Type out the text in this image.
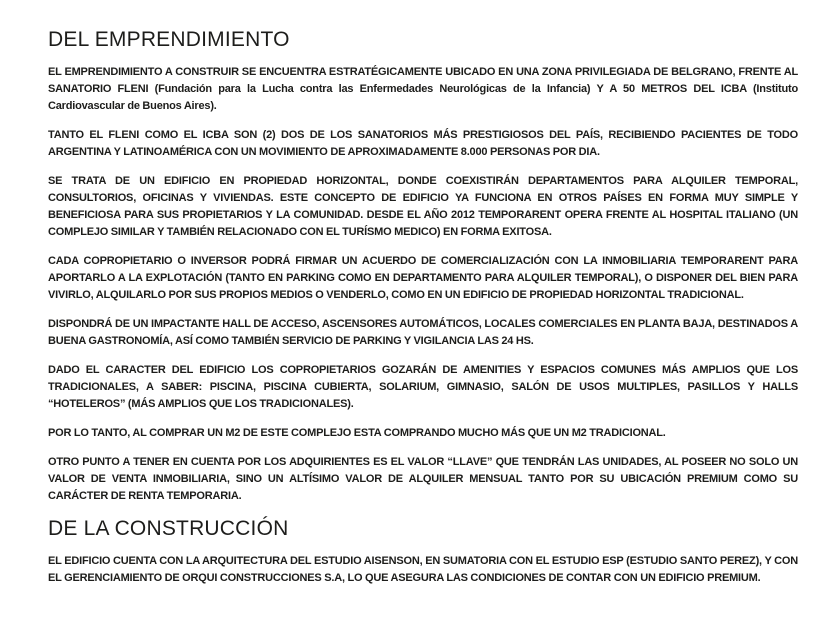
DEL EMPRENDIMIENTO

EL EMPRENDIMIENTO A CONSTRUIR SE ENCUENTRA ESTRATÉGICAMENTE UBICADO EN UNA ZONA PRIVILEGIADA DE BELGRANO, FRENTE AL SANATORIO FLENI (Fundación para la Lucha contra las Enfermedades Neurológicas de la Infancia) Y A 50 METROS DEL ICBA (Instituto Cardiovascular de Buenos Aires).

TANTO EL FLENI COMO EL ICBA SON (2) DOS DE LOS SANATORIOS MÁS PRESTIGIOSOS DEL PAÍS, RECIBIENDO PACIENTES DE TODO ARGENTINA Y LATINOAMÉRICA CON UN MOVIMIENTO DE APROXIMADAMENTE 8.000 PERSONAS POR DIA.

SE TRATA DE UN EDIFICIO EN PROPIEDAD HORIZONTAL, DONDE COEXISTIRÁN DEPARTAMENTOS PARA ALQUILER TEMPORAL, CONSULTORIOS, OFICINAS Y VIVIENDAS. ESTE CONCEPTO DE EDIFICIO YA FUNCIONA EN OTROS PAÍSES EN FORMA MUY SIMPLE Y BENEFICIOSA PARA SUS PROPIETARIOS Y LA COMUNIDAD. DESDE EL AÑO 2012 TEMPORARENT OPERA FRENTE AL HOSPITAL ITALIANO (UN COMPLEJO SIMILAR Y TAMBIÉN RELACIONADO CON EL TURÍSMO MEDICO) EN FORMA EXITOSA.

CADA COPROPIETARIO O INVERSOR PODRÁ FIRMAR UN ACUERDO DE COMERCIALIZACIÓN CON LA INMOBILIARIA TEMPORARENT PARA APORTARLO A LA EXPLOTACIÓN (TANTO EN PARKING COMO EN DEPARTAMENTO PARA ALQUILER TEMPORAL), O DISPONER DEL BIEN PARA VIVIRLO, ALQUILARLO POR SUS PROPIOS MEDIOS O VENDERLO, COMO EN UN EDIFICIO DE PROPIEDAD HORIZONTAL TRADICIONAL.

DISPONDRÁ DE UN IMPACTANTE HALL DE ACCESO, ASCENSORES AUTOMÁTICOS, LOCALES COMERCIALES EN PLANTA BAJA, DESTINADOS A BUENA GASTRONOMÍA, ASÍ COMO TAMBIÉN SERVICIO DE PARKING Y VIGILANCIA LAS 24 HS.

DADO EL CARACTER DEL EDIFICIO LOS COPROPIETARIOS GOZARÁN DE AMENITIES Y ESPACIOS COMUNES MÁS AMPLIOS QUE LOS TRADICIONALES, A SABER: PISCINA, PISCINA CUBIERTA, SOLARIUM, GIMNASIO, SALÓN DE USOS MULTIPLES, PASILLOS Y HALLS “HOTELEROS” (MÁS AMPLIOS QUE LOS TRADICIONALES).

POR LO TANTO, AL COMPRAR UN M2 DE ESTE COMPLEJO ESTA COMPRANDO MUCHO MÁS QUE UN M2 TRADICIONAL.

OTRO PUNTO A TENER EN CUENTA POR LOS ADQUIRIENTES ES EL VALOR “LLAVE” QUE TENDRÁN LAS UNIDADES, AL POSEER NO SOLO UN VALOR DE VENTA INMOBILIARIA, SINO UN ALTÍSIMO VALOR DE ALQUILER MENSUAL TANTO POR SU UBICACIÓN PREMIUM COMO SU CARÁCTER DE RENTA TEMPORARIA.

DE LA CONSTRUCCIÓN

EL EDIFICIO CUENTA CON LA ARQUITECTURA DEL ESTUDIO AISENSON, EN SUMATORIA CON EL ESTUDIO ESP (ESTUDIO SANTO PEREZ), Y CON EL GERENCIAMIENTO DE ORQUI CONSTRUCCIONES S.A, LO QUE ASEGURA LAS CONDICIONES DE CONTAR CON UN EDIFICIO PREMIUM.
